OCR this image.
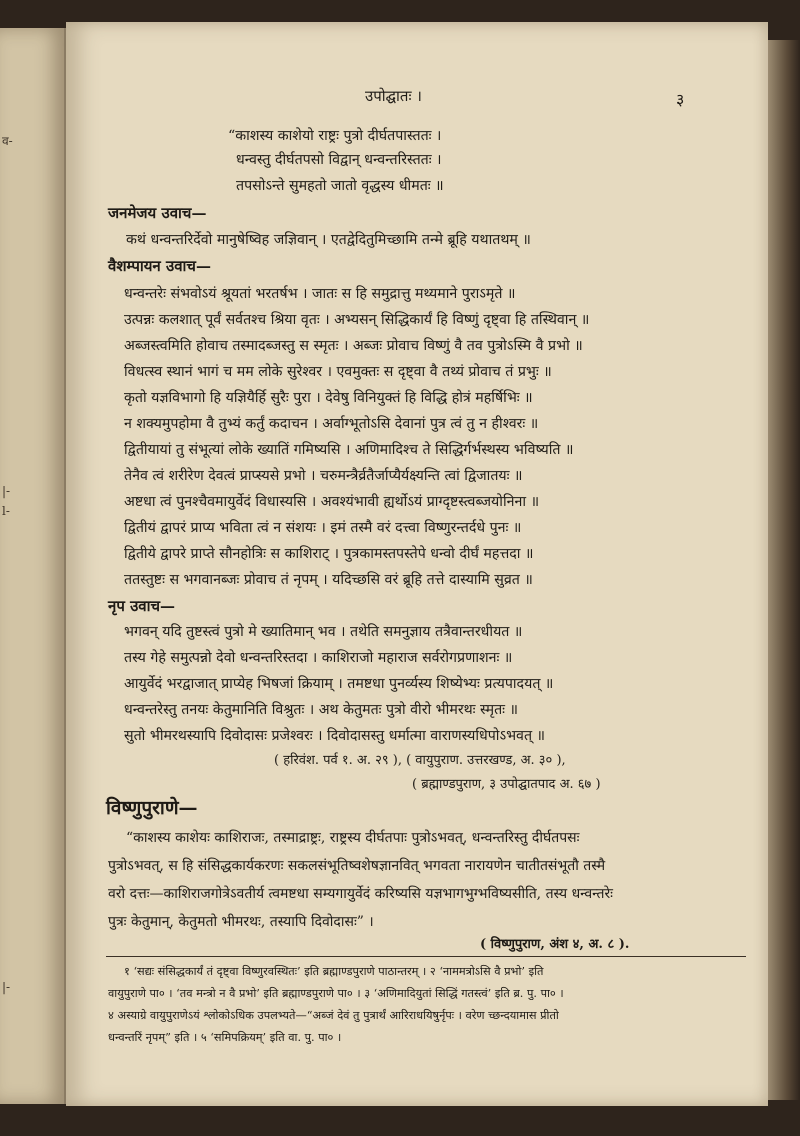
व-
|-
l-
|-
उपोद्घातः ।	३
“काशस्य काशेयो राष्ट्रः पुत्रो दीर्घतपास्ततः ।
धन्वस्तु दीर्घतपसो विद्वान् धन्वन्तरिस्ततः ।
तपसोऽन्ते सुमहतो जातो वृद्धस्य धीमतः ॥
जनमेजय उवाच—
कथं धन्वन्तरिर्देवो मानुषेष्विह जज्ञिवान् । एतद्वेदितुमिच्छामि तन्मे ब्रूहि यथातथम् ॥
वैशम्पायन उवाच—
धन्वन्तरेः संभवोऽयं श्रूयतां भरतर्षभ । जातः स हि समुद्रात्तु मथ्यमाने पुराऽमृते ॥
उत्पन्नः कलशात् पूर्वं सर्वतश्च श्रिया वृतः । अभ्यसन् सिद्धिकार्यं हि विष्णुं दृष्ट्वा हि तस्थिवान् ॥
अब्जस्त्वमिति होवाच तस्मादब्जस्तु स स्मृतः । अब्जः प्रोवाच विष्णुं वै तव पुत्रोऽस्मि वै प्रभो ॥
विधत्स्व स्थानं भागं च मम लोके सुरेश्वर । एवमुक्तः स दृष्ट्वा वै तथ्यं प्रोवाच तं प्रभुः ॥
कृतो यज्ञविभागो हि यज्ञियैर्हि सुरैः पुरा । देवेषु विनियुक्तं हि विद्धि होत्रं महर्षिभिः ॥
न शक्यमुपहोमा वै तुभ्यं कर्तुं कदाचन । अर्वाग्भूतोऽसि देवानां पुत्र त्वं तु न हीश्वरः ॥
द्वितीयायां तु संभूत्यां लोके ख्यातिं गमिष्यसि । अणिमादिश्च ते सिद्धिर्गर्भस्थस्य भविष्यति ॥
तेनैव त्वं शरीरेण देवत्वं प्राप्स्यसे प्रभो । चरुमन्त्रैर्व्रतैर्जाप्यैर्यक्ष्यन्ति त्वां द्विजातयः ॥
अष्टधा त्वं पुनश्चैवमायुर्वेदं विधास्यसि । अवश्यंभावी ह्यर्थोऽयं प्राग्दृष्टस्त्वब्जयोनिना ॥
द्वितीयं द्वापरं प्राप्य भविता त्वं न संशयः । इमं तस्मै वरं दत्त्वा विष्णुरन्तर्दधे पुनः ॥
द्वितीये द्वापरे प्राप्ते सौनहोत्रिः स काशिराट् । पुत्रकामस्तपस्तेपे धन्वो दीर्घं महत्तदा ॥
ततस्तुष्टः स भगवानब्जः प्रोवाच तं नृपम् । यदिच्छसि वरं ब्रूहि तत्ते दास्यामि सुव्रत ॥
नृप उवाच—
भगवन् यदि तुष्टस्त्वं पुत्रो मे ख्यातिमान् भव । तथेति समनुज्ञाय तत्रैवान्तरधीयत ॥
तस्य गेहे समुत्पन्नो देवो धन्वन्तरिस्तदा । काशिराजो महाराज सर्वरोगप्रणाशनः ॥
आयुर्वेदं भरद्वाजात् प्राप्येह भिषजां क्रियाम् । तमष्टधा पुनर्व्यस्य शिष्येभ्यः प्रत्यपादयत् ॥
धन्वन्तरेस्तु तनयः केतुमानिति विश्रुतः । अथ केतुमतः पुत्रो वीरो भीमरथः स्मृतः ॥
सुतो भीमरथस्यापि दिवोदासः प्रजेश्वरः । दिवोदासस्तु धर्मात्मा वाराणस्यधिपोऽभवत् ॥
( हरिवंश. पर्व १. अ. २९ ), ( वायुपुराण. उत्तरखण्ड, अ. ३० ),
( ब्रह्माण्डपुराण, ३ उपोद्घातपाद अ. ६७ )
विष्णुपुराणे—
“काशस्य काशेयः काशिराजः, तस्माद्राष्ट्रः, राष्ट्रस्य दीर्घतपाः पुत्रोऽभवत्, धन्वन्तरिस्तु दीर्घतपसः
पुत्रोऽभवत्, स हि संसिद्धकार्यकरणः सकलसंभूतिष्वशेषज्ञानवित् भगवता नारायणेन चातीतसंभूतौ तस्मै
वरो दत्तः—काशिराजगोत्रेऽवतीर्य त्वमष्टधा सम्यगायुर्वेदं करिष्यसि यज्ञभागभुग्भविष्यसीति, तस्य धन्वन्तरेः
पुत्रः केतुमान्, केतुमतो भीमरथः, तस्यापि दिवोदासः” ।
( विष्णुपुराण, अंश ४, अ. ८ ).
१ ‘सद्यः संसिद्धकार्यं तं दृष्ट्वा विष्णुरवस्थितः’ इति ब्रह्माण्डपुराणे पाठान्तरम् । २ ‘नाममत्रोऽसि वै प्रभो’ इति
वायुपुराणे पा० । ‘तव मन्त्रो न वै प्रभो’ इति ब्रह्माण्डपुराणे पा० । ३ ‘अणिमादियुतां सिद्धिं गतस्त्वं’ इति ब्र. पु. पा० ।
४ अस्याग्रे वायुपुराणेऽयं श्लोकोऽधिक उपलभ्यते—“अब्जं देवं तु पुत्रार्थं आरिराधयिषुर्नृपः । वरेण च्छन्दयामास प्रीतो
धन्वन्तरिं नृपम्” इति । ५ ‘समिपक्रियम्’ इति वा. पु. पा० ।
